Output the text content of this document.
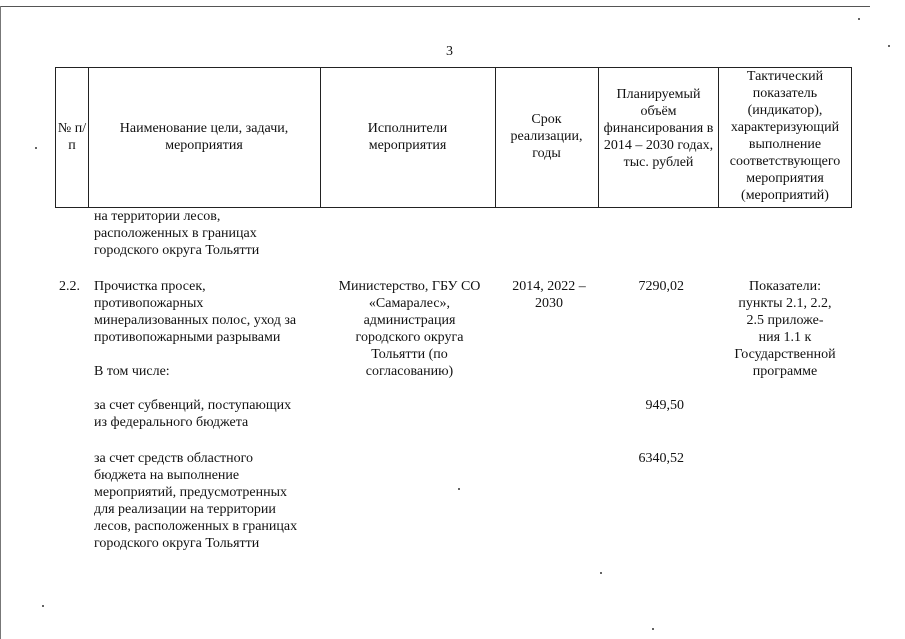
3
№ п/п
Наименование цели, задачи, мероприятия
Исполнители мероприятия
Срок реализации, годы
Планируемый объём финансирования в 2014 – 2030 годах, тыс. рублей
Тактический показатель (индикатор), характеризующий выполнение соответствующего мероприятия (мероприятий)
на территории лесов,
расположенных в границах
городского округа Тольятти
2.2. Прочистка просек,
противопожарных
минерализованных полос, уход за
противопожарными разрывами
Министерство, ГБУ СО
«Самаралес»,
администрация
городского округа
Тольятти (по
согласованию)
2014, 2022 –
2030
7290,02	Показатели:
пункты 2.1, 2.2,
2.5 приложе-
ния 1.1 к
Государственной
программе
В том числе:
за счет субвенций, поступающих
из федерального бюджета
949,50
за счет средств областного
бюджета на выполнение
мероприятий, предусмотренных
для реализации на территории
лесов, расположенных в границах
городского округа Тольятти
6340,52
